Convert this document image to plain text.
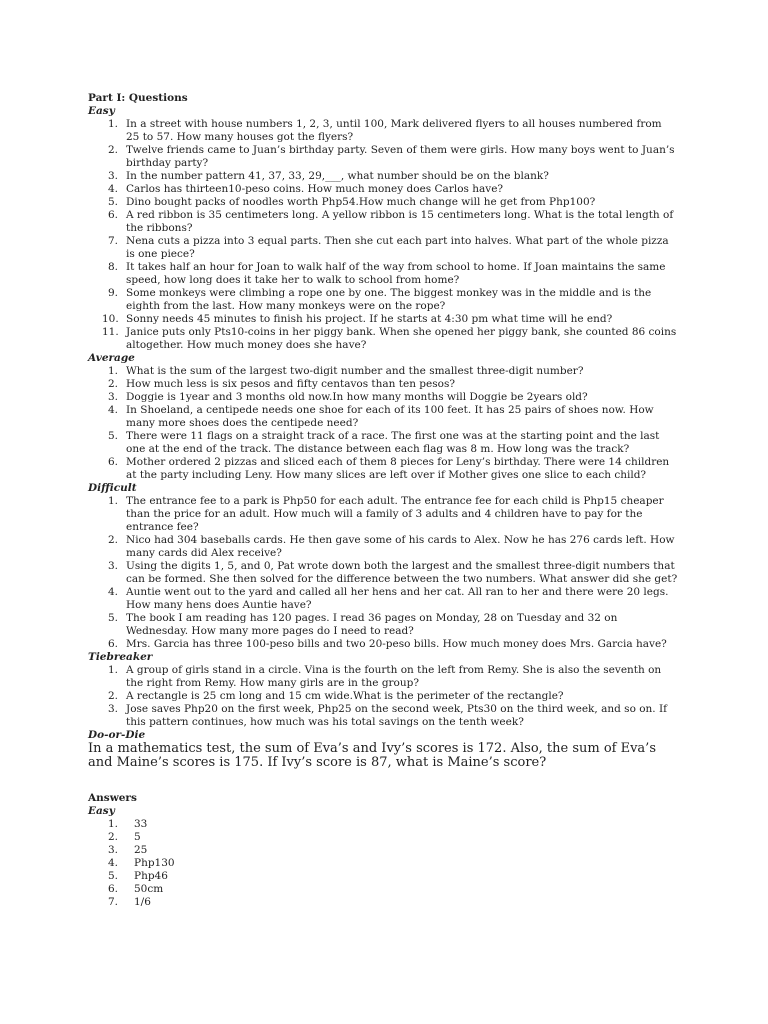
Part I: Questions
Easy
1. In a street with house numbers 1, 2, 3, until 100, Mark delivered flyers to all houses numbered from 25 to 57. How many houses got the flyers?
2. Twelve friends came to Juan’s birthday party. Seven of them were girls. How many boys went to Juan’s birthday party?
3. In the number pattern 41, 37, 33, 29,___, what number should be on the blank?
4. Carlos has thirteen10-peso coins. How much money does Carlos have?
5. Dino bought packs of noodles worth Php54.How much change will he get from Php100?
6. A red ribbon is 35 centimeters long. A yellow ribbon is 15 centimeters long. What is the total length of the ribbons?
7. Nena cuts a pizza into 3 equal parts. Then she cut each part into halves. What part of the whole pizza is one piece?
8. It takes half an hour for Joan to walk half of the way from school to home. If Joan maintains the same speed, how long does it take her to walk to school from home?
9. Some monkeys were climbing a rope one by one. The biggest monkey was in the middle and is the eighth from the last. How many monkeys were on the rope?
10. Sonny needs 45 minutes to finish his project. If he starts at 4:30 pm what time will he end?
11. Janice puts only Pts10-coins in her piggy bank. When she opened her piggy bank, she counted 86 coins altogether. How much money does she have?
Average
1. What is the sum of the largest two-digit number and the smallest three-digit number?
2. How much less is six pesos and fifty centavos than ten pesos?
3. Doggie is 1year and 3 months old now.In how many months will Doggie be 2years old?
4. In Shoeland, a centipede needs one shoe for each of its 100 feet. It has 25 pairs of shoes now. How many more shoes does the centipede need?
5. There were 11 flags on a straight track of a race. The first one was at the starting point and the last one at the end of the track. The distance between each flag was 8 m. How long was the track?
6. Mother ordered 2 pizzas and sliced each of them 8 pieces for Leny’s birthday. There were 14 children at the party including Leny. How many slices are left over if Mother gives one slice to each child?
Difficult
1. The entrance fee to a park is Php50 for each adult. The entrance fee for each child is Php15 cheaper than the price for an adult. How much will a family of 3 adults and 4 children have to pay for the entrance fee?
2. Nico had 304 baseballs cards. He then gave some of his cards to Alex. Now he has 276 cards left. How many cards did Alex receive?
3. Using the digits 1, 5, and 0, Pat wrote down both the largest and the smallest three-digit numbers that can be formed. She then solved for the difference between the two numbers. What answer did she get?
4. Auntie went out to the yard and called all her hens and her cat. All ran to her and there were 20 legs. How many hens does Auntie have?
5. The book I am reading has 120 pages. I read 36 pages on Monday, 28 on Tuesday and 32 on Wednesday. How many more pages do I need to read?
6. Mrs. Garcia has three 100-peso bills and two 20-peso bills. How much money does Mrs. Garcia have?
Tiebreaker
1. A group of girls stand in a circle. Vina is the fourth on the left from Remy. She is also the seventh on the right from Remy. How many girls are in the group?
2. A rectangle is 25 cm long and 15 cm wide.What is the perimeter of the rectangle?
3. Jose saves Php20 on the first week, Php25 on the second week, Pts30 on the third week, and so on. If this pattern continues, how much was his total savings on the tenth week?
Do-or-Die

In a mathematics test, the sum of Eva’s and Ivy’s scores is 172. Also, the sum of Eva’s and Maine’s scores is 175. If Ivy’s score is 87, what is Maine’s score?

Answers
Easy
1. 33
2. 5
3. 25
4. Php130
5. Php46
6. 50cm
7. 1/6
